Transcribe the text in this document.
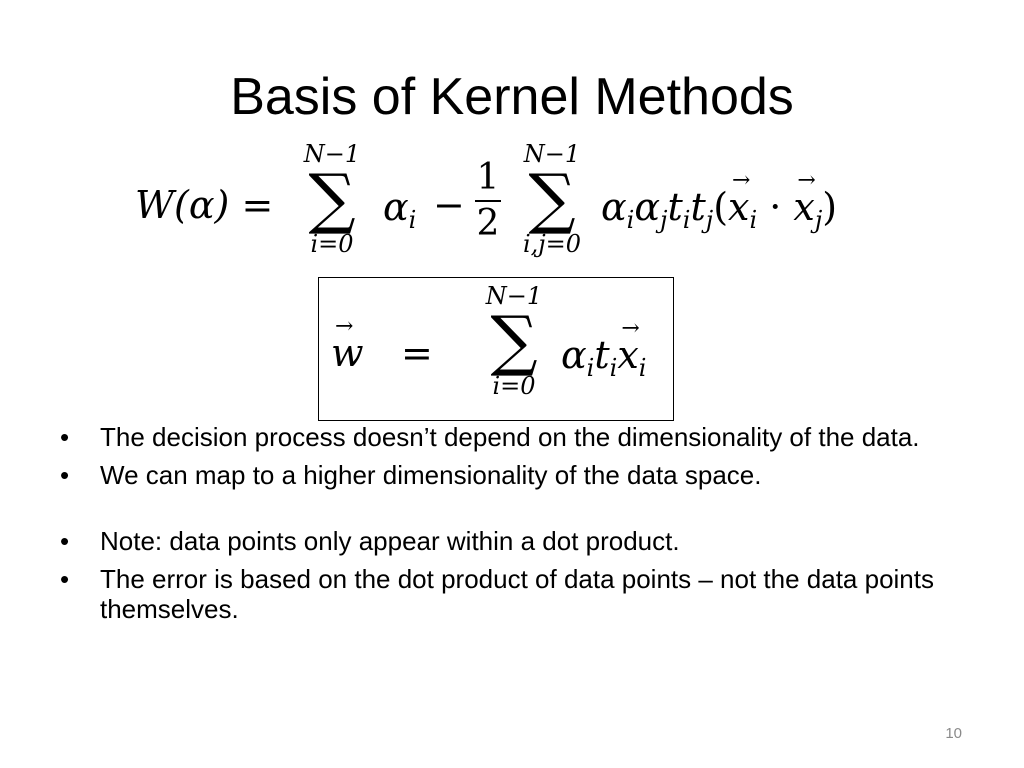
Basis of Kernel Methods
W(α) =
N−1
∑
i=0
$\alpha_i$ −
1
2
N−1
∑
i,j=0
$\alpha_i\alpha_jt_it_j(\to x_i$ · → $x_j$)
→ w =
N−1
∑
i=0
$\alpha_it_i\to x_i$
• The decision process doesn’t depend on the dimensionality of the data.
• We can map to a higher dimensionality of the data space.
• Note: data points only appear within a dot product.
• The error is based on the dot product of data points – not the data points themselves.
10
